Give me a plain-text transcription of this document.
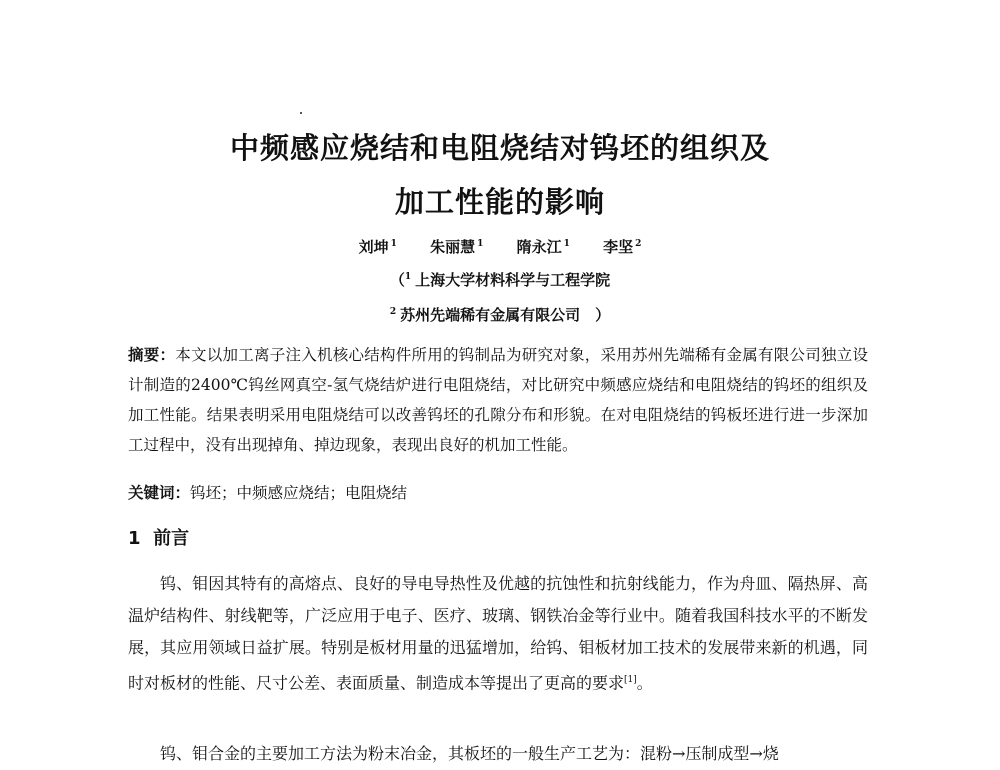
中频感应烧结和电阻烧结对钨坯的组织及
加工性能的影响
刘坤 $^1$ 朱丽慧 $^1$ 隋永江 $^1$ 李坚 $^2$
（$^1$ 上海大学材料科学与工程学院
$^2$ 苏州先端稀有金属有限公司　）
摘要：本文以加工离子注入机核心结构件所用的钨制品为研究对象，采用苏州先端稀有金属有限公司独立设计制造的2400℃钨丝网真空-氢气烧结炉进行电阻烧结，对比研究中频感应烧结和电阻烧结的钨坯的组织及加工性能。结果表明采用电阻烧结可以改善钨坯的孔隙分布和形貌。在对电阻烧结的钨板坯进行进一步深加工过程中，没有出现掉角、掉边现象，表现出良好的机加工性能。
关键词：钨坯；中频感应烧结；电阻烧结
1 前言
钨、钼因其特有的高熔点、良好的导电导热性及优越的抗蚀性和抗射线能力，作为舟皿、隔热屏、高温炉结构件、射线靶等，广泛应用于电子、医疗、玻璃、钢铁冶金等行业中。随着我国科技水平的不断发展，其应用领域日益扩展。特别是板材用量的迅猛增加，给钨、钼板材加工技术的发展带来新的机遇，同时对板材的性能、尺寸公差、表面质量、制造成本等提出了更高的要求[1]。
钨、钼合金的主要加工方法为粉末冶金，其板坯的一般生产工艺为：混粉→压制成型→烧
